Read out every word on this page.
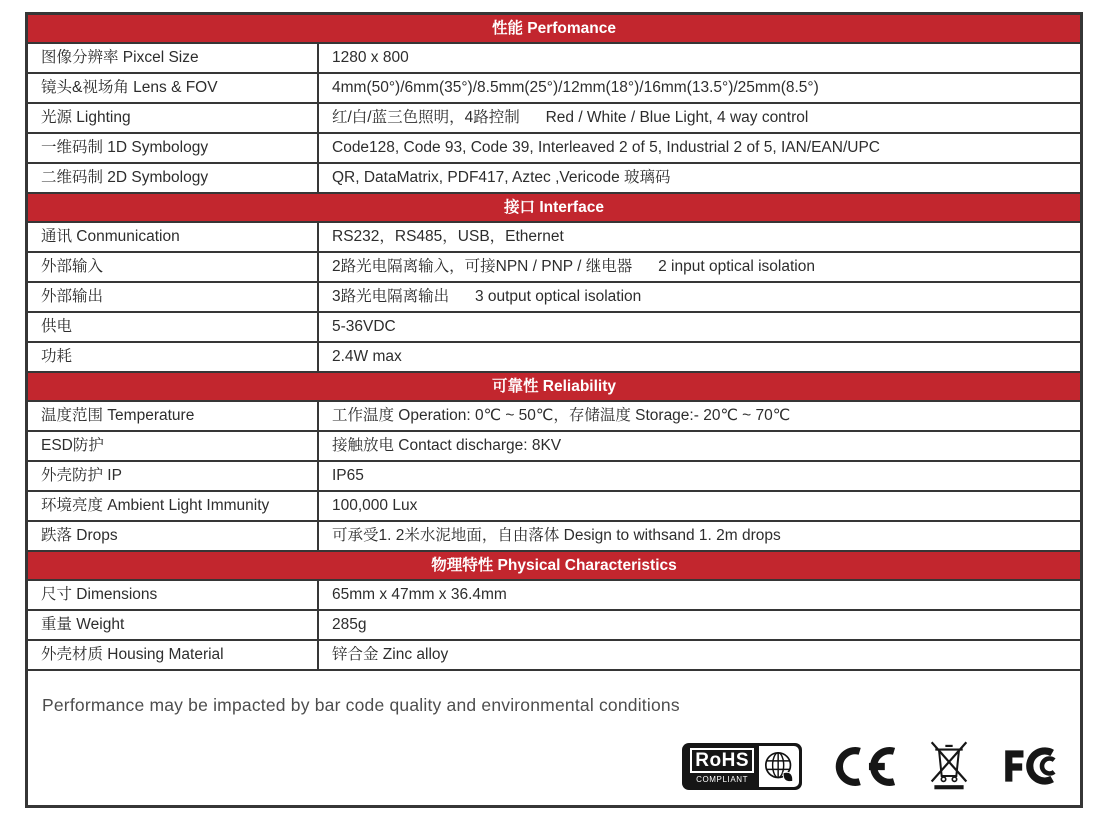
性能 Perfomance
图像分辨率 Pixcel Size	1280 x 800
镜头&视场角 Lens & FOV	4mm(50°)/6mm(35°)/8.5mm(25°)/12mm(18°)/16mm(13.5°)/25mm(8.5°)
光源 Lighting	红/白/蓝三色照明，4路控制      Red / White / Blue Light, 4 way control
一维码制 1D Symbology	Code128, Code 93, Code 39, Interleaved 2 of 5, Industrial 2 of 5, IAN/EAN/UPC
二维码制 2D Symbology	QR, DataMatrix, PDF417, Aztec ,Vericode 玻璃码
接口 Interface
通讯 Conmunication	RS232，RS485，USB，Ethernet
外部输入	2路光电隔离输入，可接NPN / PNP / 继电器      2 input optical isolation
外部输出	3路光电隔离输出      3 output optical isolation
供电	5-36VDC
功耗	2.4W max
可靠性 Reliability
温度范围 Temperature	工作温度 Operation: 0℃ ~ 50℃，存储温度 Storage:- 20℃ ~ 70℃
ESD防护	接触放电 Contact discharge: 8KV
外壳防护 IP	IP65
环境亮度 Ambient Light Immunity	100,000 Lux
跌落 Drops	可承受1. 2米水泥地面，自由落体 Design to withsand 1. 2m drops
物理特性 Physical Characteristics
尺寸 Dimensions	65mm x 47mm x 36.4mm
重量 Weight	285g
外壳材质 Housing Material	锌合金 Zinc alloy
Performance may be impacted by bar code quality and environmental conditions
RoHS
COMPLIANT
